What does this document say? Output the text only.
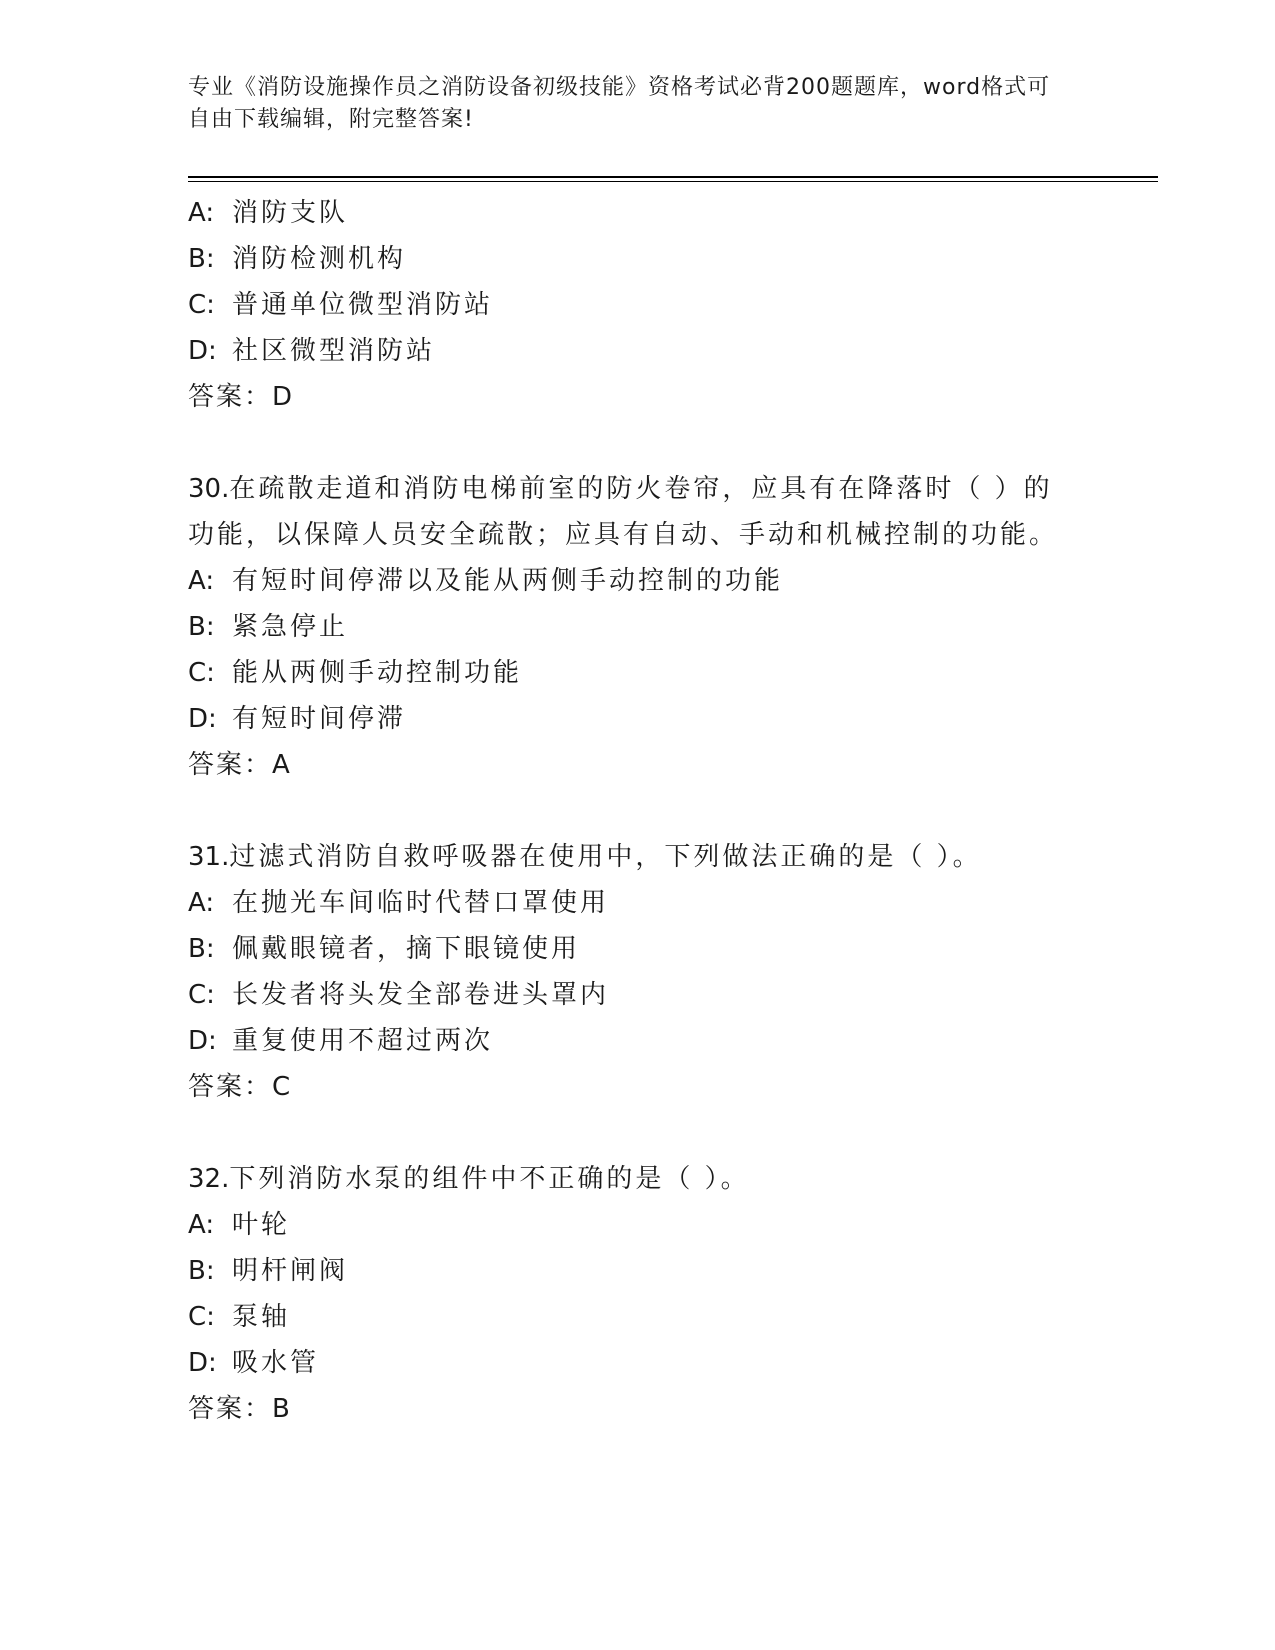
专业《消防设施操作员之消防设备初级技能》资格考试必背200题题库，word格式可自由下载编辑，附完整答案!
A: 消防支队
B: 消防检测机构
C: 普通单位微型消防站
D: 社区微型消防站
答案：D
30.在疏散走道和消防电梯前室的防火卷帘，应具有在降落时（ ）的
功能，以保障人员安全疏散；应具有自动、手动和机械控制的功能。
A: 有短时间停滞以及能从两侧手动控制的功能
B: 紧急停止
C: 能从两侧手动控制功能
D: 有短时间停滞
答案：A
31.过滤式消防自救呼吸器在使用中，下列做法正确的是（ ）。
A: 在抛光车间临时代替口罩使用
B: 佩戴眼镜者，摘下眼镜使用
C: 长发者将头发全部卷进头罩内
D: 重复使用不超过两次
答案：C
32.下列消防水泵的组件中不正确的是（ ）。
A: 叶轮
B: 明杆闸阀
C: 泵轴
D: 吸水管
答案：B
